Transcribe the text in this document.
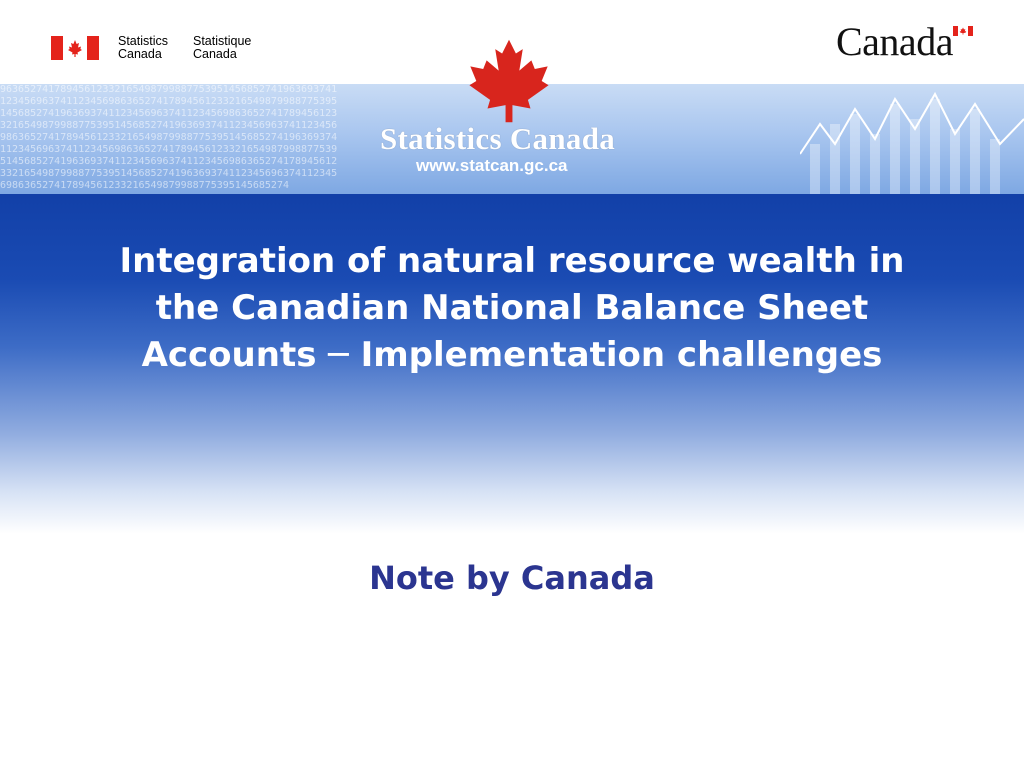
Statistics
Canada
Statistique
Canada	Canada
9636527417894561233216549879988775395145685274196369374112345696374112345698636527417894561233216549879988775395145685274196369374112345696374112345698636527417894561233216549879988775395145685274196369374112345696374112345698636527417894561233216549879988775395145685274196369374112345696374112345698636527417894561233216549879988775395145685274196369374112345696374112345698636527417894561233216549879988775395145685274196369374112345696374112345698636527417894561233216549879988775395145685274
Statistics Canada
www.statcan.gc.ca
Integration of natural resource wealth in the Canadian National Balance Sheet Accounts ─ Implementation challenges
Note by Canada
